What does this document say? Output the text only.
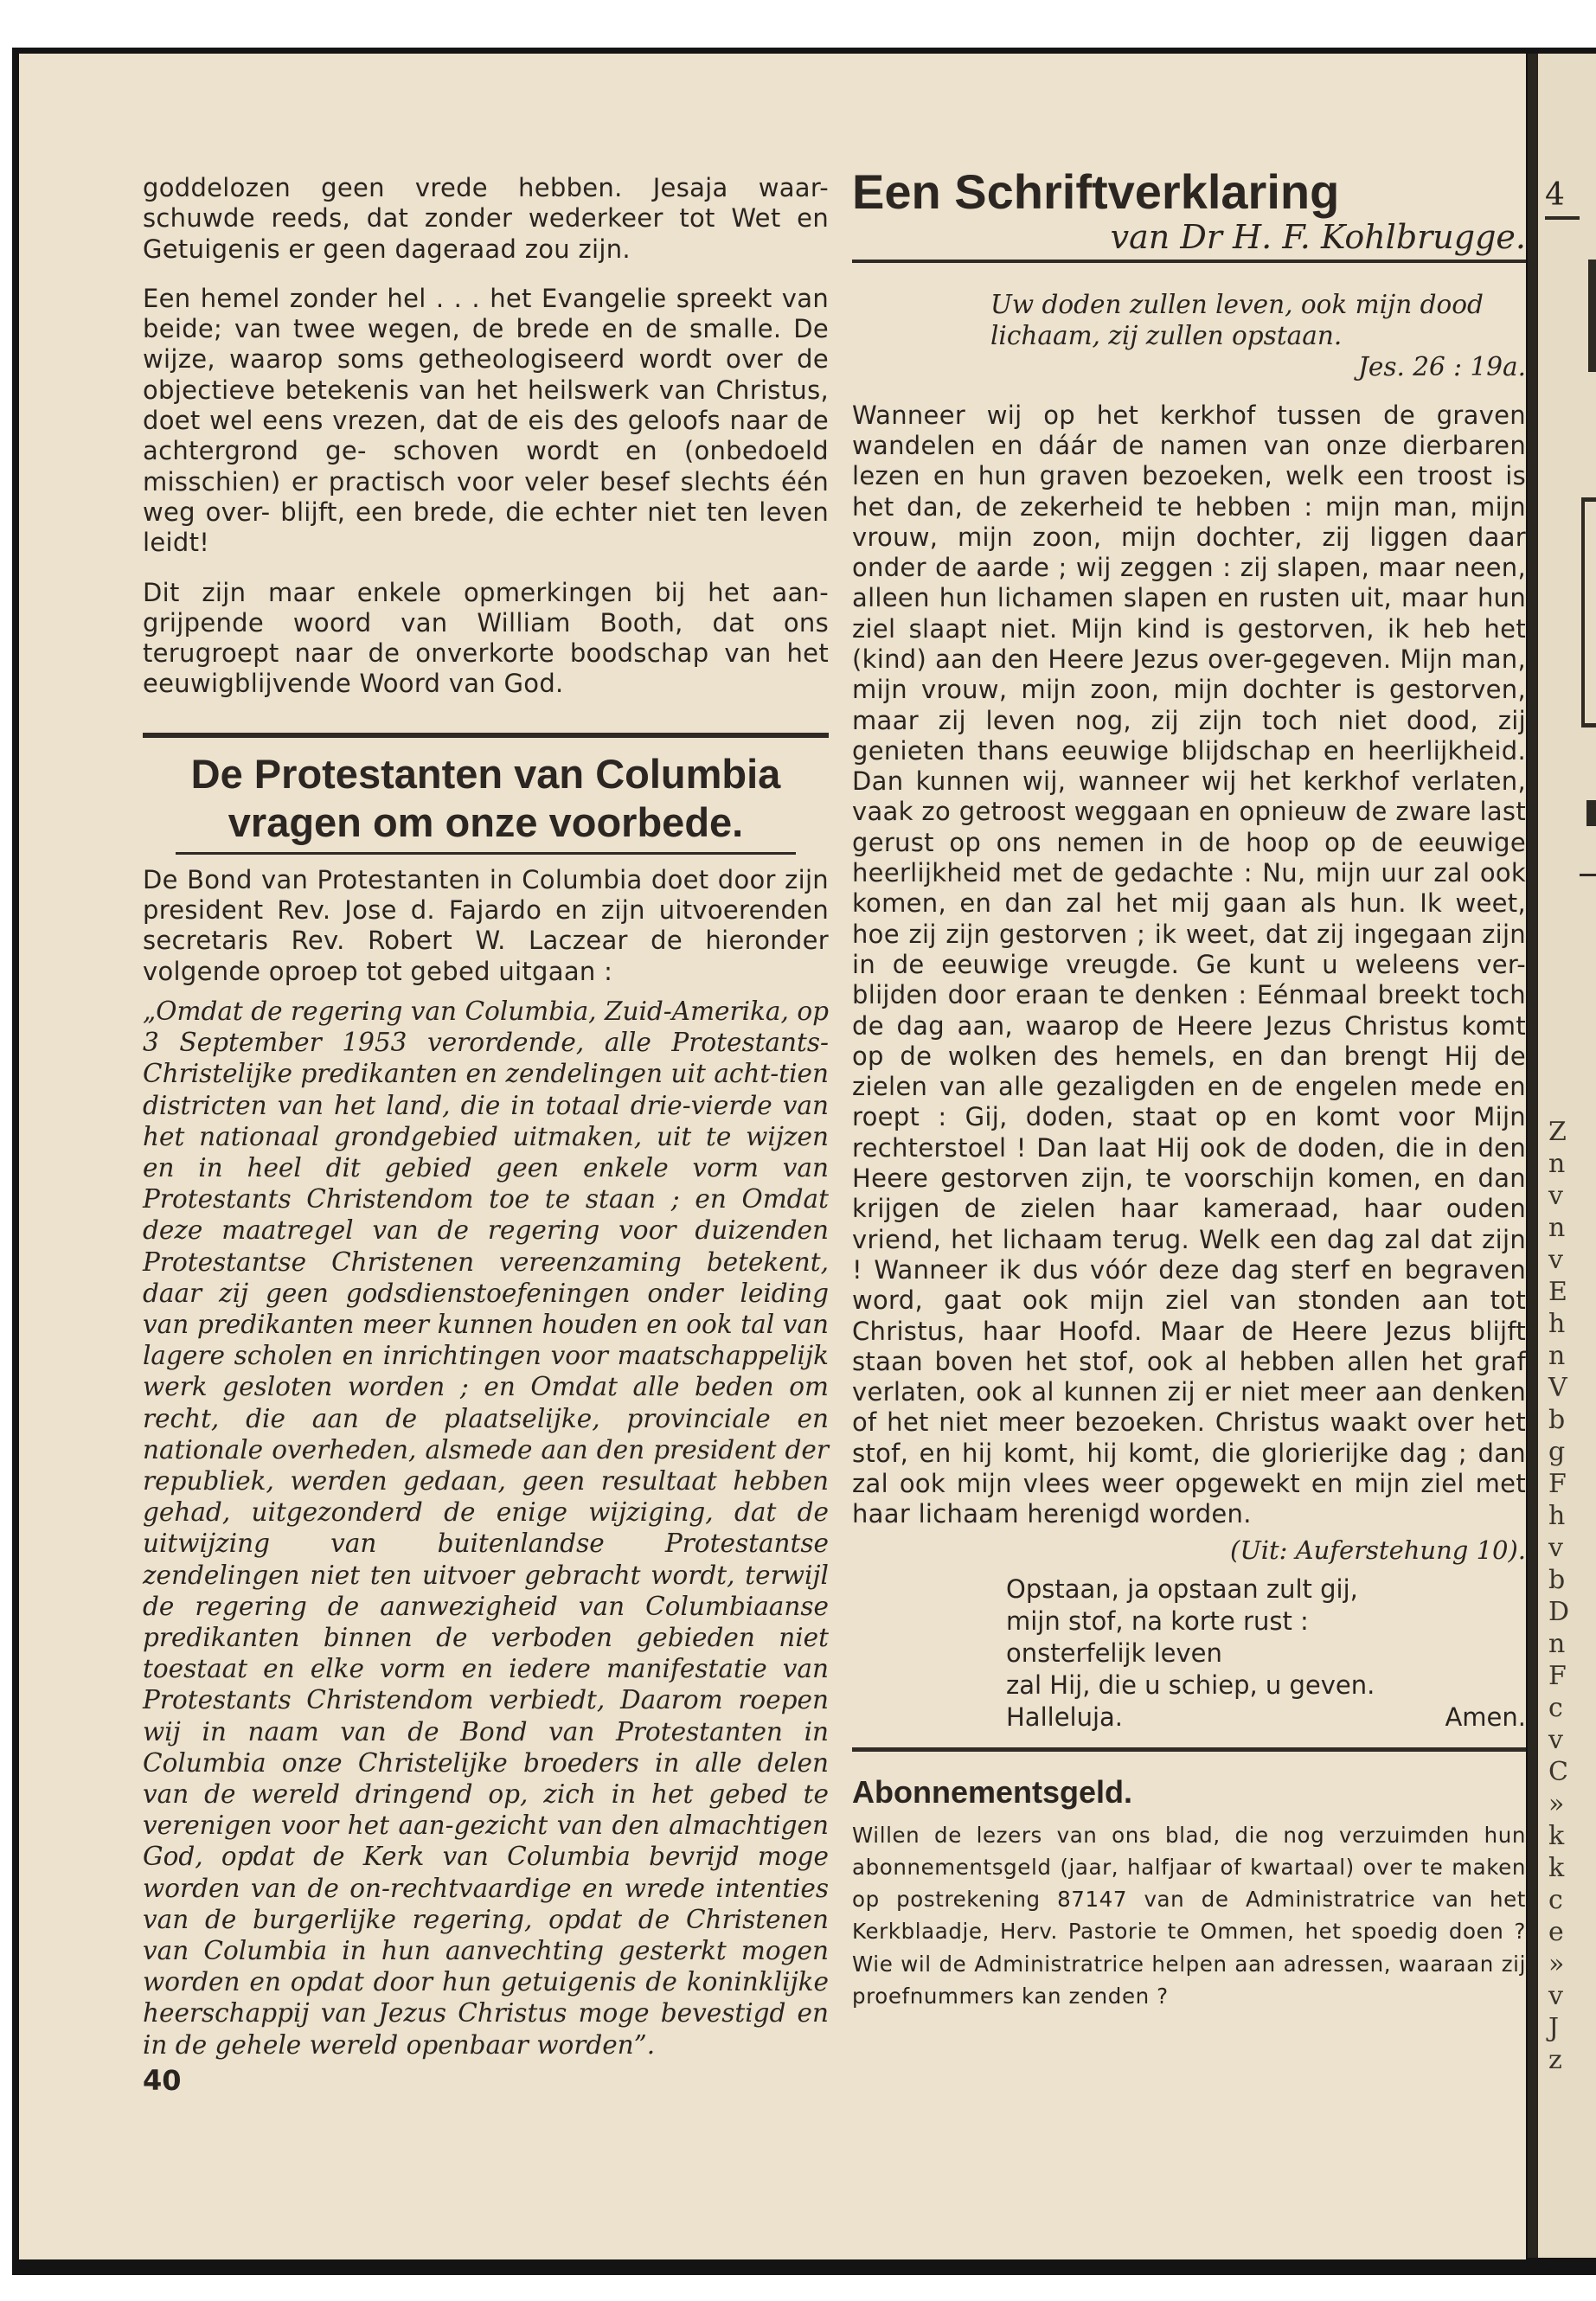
goddelozen geen vrede hebben. Jesaja waar- schuwde reeds, dat zonder wederkeer tot Wet en Getuigenis er geen dageraad zou zijn.

Een hemel zonder hel . . . het Evangelie spreekt van beide; van twee wegen, de brede en de smalle. De wijze, waarop soms getheologiseerd wordt over de objectieve betekenis van het heilswerk van Christus, doet wel eens vrezen, dat de eis des geloofs naar de achtergrond ge- schoven wordt en (onbedoeld misschien) er practisch voor veler besef slechts één weg over- blijft, een brede, die echter niet ten leven leidt!

Dit zijn maar enkele opmerkingen bij het aan- grijpende woord van William Booth, dat ons terugroept naar de onverkorte boodschap van het eeuwigblijvende Woord van God.

De Protestanten van Columbia
vragen om onze voorbede.

De Bond van Protestanten in Columbia doet door zijn president Rev. Jose d. Fajardo en zijn uitvoerenden secretaris Rev. Robert W. Laczear de hieronder volgende oproep tot gebed uitgaan :

„Omdat de regering van Columbia, Zuid-Amerika, op 3 September 1953 verordende, alle Protestants-Christelijke predikanten en zendelingen uit acht-tien districten van het land, die in totaal drie-vierde van het nationaal grondgebied uitmaken, uit te wijzen en in heel dit gebied geen enkele vorm van Protestants Christendom toe te staan ; en Omdat deze maatregel van de regering voor duizenden Protestantse Christenen vereenzaming betekent, daar zij geen godsdienstoefeningen onder leiding van predikanten meer kunnen houden en ook tal van lagere scholen en inrichtingen voor maatschappelijk werk gesloten worden ; en Omdat alle beden om recht, die aan de plaatselijke, provinciale en nationale overheden, alsmede aan den president der republiek, werden gedaan, geen resultaat hebben gehad, uitgezonderd de enige wijziging, dat de uitwijzing van buitenlandse Protestantse zendelingen niet ten uitvoer gebracht wordt, terwijl de regering de aanwezigheid van Columbiaanse predikanten binnen de verboden gebieden niet toestaat en elke vorm en iedere manifestatie van Protestants Christendom verbiedt, Daarom roepen wij in naam van de Bond van Protestanten in Columbia onze Christelijke broeders in alle delen van de wereld dringend op, zich in het gebed te verenigen voor het aan-gezicht van den almachtigen God, opdat de Kerk van Columbia bevrijd moge worden van de on-rechtvaardige en wrede intenties van de burgerlijke regering, opdat de Christenen van Columbia in hun aanvechting gesterkt mogen worden en opdat door hun getuigenis de koninklijke heerschappij van Jezus Christus moge bevestigd en in de gehele wereld openbaar worden”.

40
Een Schriftverklaring

van Dr H. F. Kohlbrugge.

Uw doden zullen leven, ook mijn dood lichaam, zij zullen opstaan.

Jes. 26 : 19a.

Wanneer wij op het kerkhof tussen de graven wandelen en dáár de namen van onze dierbaren lezen en hun graven bezoeken, welk een troost is het dan, de zekerheid te hebben : mijn man, mijn vrouw, mijn zoon, mijn dochter, zij liggen daar onder de aarde ; wij zeggen : zij slapen, maar neen, alleen hun lichamen slapen en rusten uit, maar hun ziel slaapt niet. Mijn kind is gestorven, ik heb het (kind) aan den Heere Jezus over-gegeven. Mijn man, mijn vrouw, mijn zoon, mijn dochter is gestorven, maar zij leven nog, zij zijn toch niet dood, zij genieten thans eeuwige blijdschap en heerlijkheid. Dan kunnen wij, wanneer wij het kerkhof verlaten, vaak zo getroost weggaan en opnieuw de zware last gerust op ons nemen in de hoop op de eeuwige heerlijkheid met de gedachte : Nu, mijn uur zal ook komen, en dan zal het mij gaan als hun. Ik weet, hoe zij zijn gestorven ; ik weet, dat zij ingegaan zijn in de eeuwige vreugde. Ge kunt u weleens ver-blijden door eraan te denken : Eénmaal breekt toch de dag aan, waarop de Heere Jezus Christus komt op de wolken des hemels, en dan brengt Hij de zielen van alle gezaligden en de engelen mede en roept : Gij, doden, staat op en komt voor Mijn rechterstoel ! Dan laat Hij ook de doden, die in den Heere gestorven zijn, te voorschijn komen, en dan krijgen de zielen haar kameraad, haar ouden vriend, het lichaam terug. Welk een dag zal dat zijn ! Wanneer ik dus vóór deze dag sterf en begraven word, gaat ook mijn ziel van stonden aan tot Christus, haar Hoofd. Maar de Heere Jezus blijft staan boven het stof, ook al hebben allen het graf verlaten, ook al kunnen zij er niet meer aan denken of het niet meer bezoeken. Christus waakt over het stof, en hij komt, hij komt, die glorierijke dag ; dan zal ook mijn vlees weer opgewekt en mijn ziel met haar lichaam herenigd worden.

(Uit: Auferstehung 10).

Opstaan, ja opstaan zult gij,

mijn stof, na korte rust :

onsterfelijk leven

zal Hij, die u schiep, u geven.

Halleluja.	Amen.

Abonnementsgeld.

Willen de lezers van ons blad, die nog verzuimden hun abonnementsgeld (jaar, halfjaar of kwartaal) over te maken op postrekening 87147 van de Administratrice van het Kerkblaadje, Herv. Pastorie te Ommen, het spoedig doen ? Wie wil de Administratrice helpen aan adressen, waaraan zij proefnummers kan zenden ?

4
Z
n
v
n
v
E
h
n
V
b
g
F
h
v
b
D
n
F
c
v
C
»
k
k
c
e
»
v
J
z
